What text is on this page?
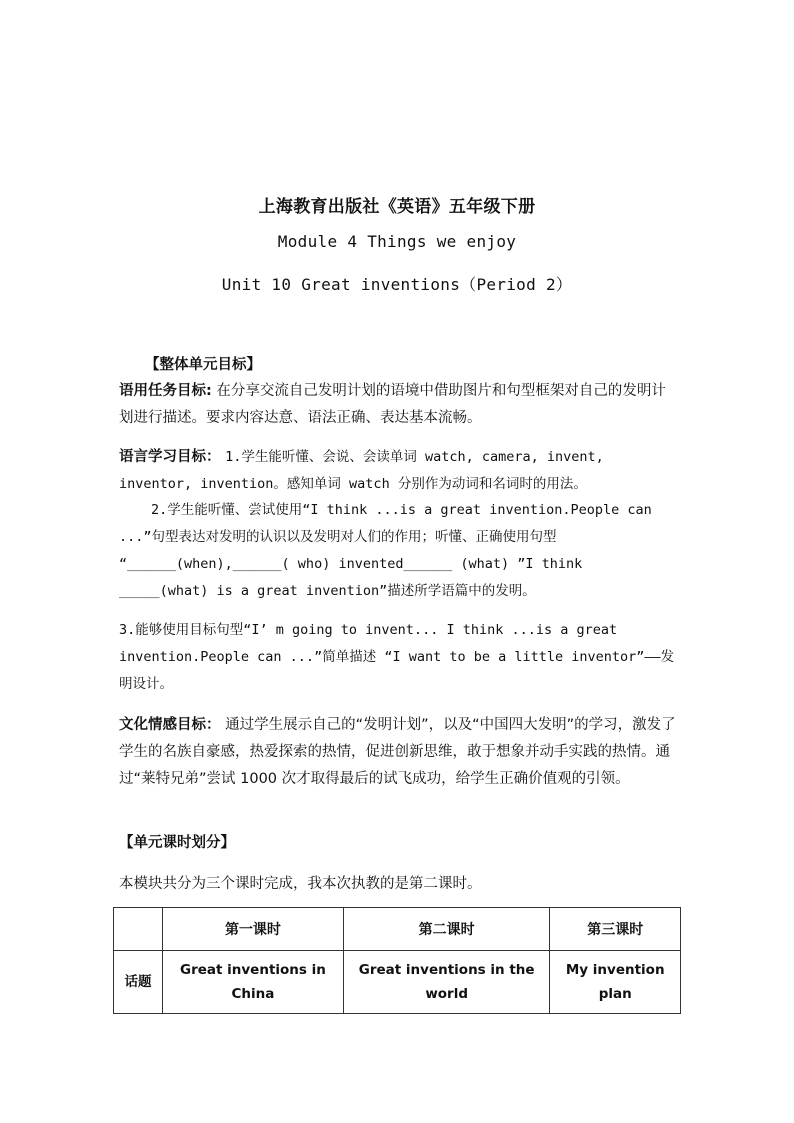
上海教育出版社《英语》五年级下册
Module 4 Things we enjoy
Unit 10 Great inventions（Period 2）
【整体单元目标】
语用任务目标: 在分享交流自己发明计划的语境中借助图片和句型框架对自己的发明计划进行描述。要求内容达意、语法正确、表达基本流畅。
语言学习目标： 1.学生能听懂、会说、会读单词 watch, camera, invent, inventor, invention。感知单词 watch 分别作为动词和名词时的用法。
2.学生能听懂、尝试使用“I think ...is a great invention.People can ...”句型表达对发明的认识以及发明对人们的作用；听懂、正确使用句型 “______(when),______( who) invented______ (what) ”I think _____(what) is a great invention”描述所学语篇中的发明。
3.能够使用目标句型“I’ m going to invent... I think ...is a great invention.People can ...”简单描述 “I want to be a little inventor”——发明设计。
文化情感目标： 通过学生展示自己的“发明计划”，以及“中国四大发明”的学习，激发了学生的名族自豪感，热爱探索的热情，促进创新思维，敢于想象并动手实践的热情。通过“莱特兄弟”尝试 1000 次才取得最后的试飞成功，给学生正确价值观的引领。
【单元课时划分】
本模块共分为三个课时完成，我本次执教的是第二课时。
	第一课时	第二课时	第三课时
话题	Great inventions in China	Great inventions in the world	My invention plan
